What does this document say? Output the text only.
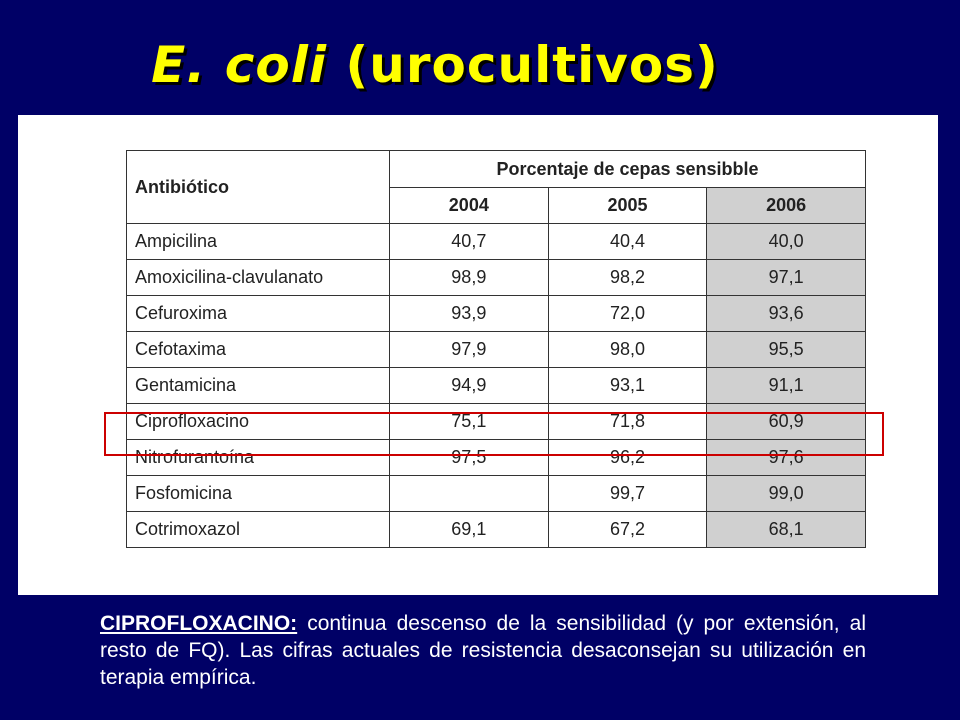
E. coli (urocultivos)
Antibiótico	Porcentaje de cepas sensibble		
	2004	2005	2006
Ampicilina	40,7	40,4	40,0
Amoxicilina-clavulanato	98,9	98,2	97,1
Cefuroxima	93,9	72,0	93,6
Cefotaxima	97,9	98,0	95,5
Gentamicina	94,9	93,1	91,1
Ciprofloxacino	75,1	71,8	60,9
Nitrofurantoína	97,5	96,2	97,6
Fosfomicina		99,7	99,0
Cotrimoxazol	69,1	67,2	68,1
CIPROFLOXACINO: continua descenso de la sensibilidad (y por extensión, al resto de FQ). Las cifras actuales de resistencia desaconsejan su utilización en terapia empírica.
